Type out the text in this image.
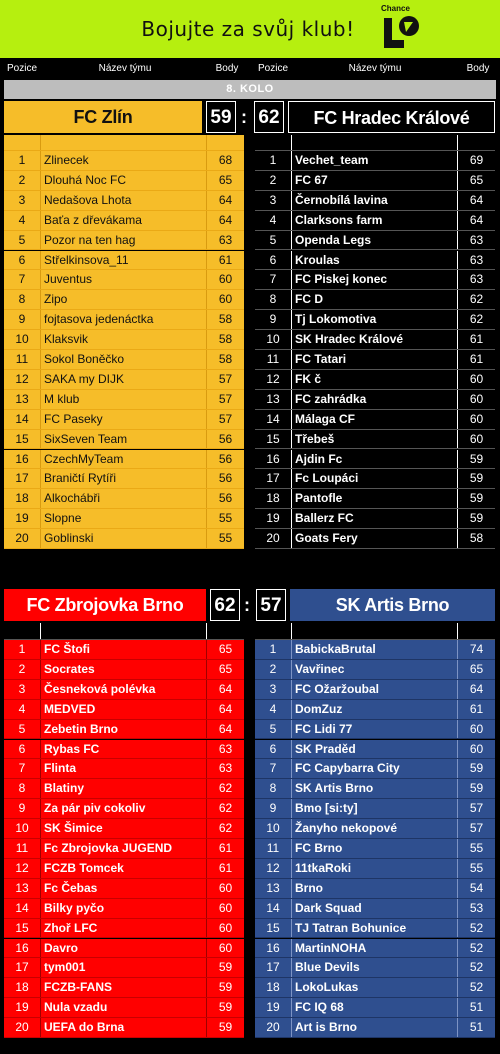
Bojujte za svůj klub!
Chance
Pozice	Název týmu	Body	Pozice	Název týmu	Body
8. KOLO
FC Zlín	59 : 62	FC Hradec Králové
1	Zlinecek	68
2	Dlouhá Noc FC	65
3	Nedašova Lhota	64
4	Baťa z dřevákama	64
5	Pozor na ten hag	63
6	Střelkinsova_11	61
7	Juventus	60
8	Zipo	60
9	fojtasova jedenáctka	58
10	Klaksvik	58
11	Sokol Boněčko	58
12	SAKA my DIJK	57
13	M klub	57
14	FC Paseky	57
15	SixSeven Team	56
16	CzechMyTeam	56
17	Braničtí Rytíři	56
18	Alkochábři	56
19	Slopne	55
20	Goblinski	55
1	Vechet_team	69
2	FC 67	65
3	Černobílá lavina	64
4	Clarksons farm	64
5	Openda Legs	63
6	Kroulas	63
7	FC Piskej konec	63
8	FC D	62
9	Tj Lokomotiva	62
10	SK Hradec Králové	61
11	FC Tatari	61
12	FK č	60
13	FC zahrádka	60
14	Málaga CF	60
15	Třebeš	60
16	Ajdin Fc	59
17	Fc Loupáci	59
18	Pantofle	59
19	Ballerz FC	59
20	Goats Fery	58
FC Zbrojovka Brno	62 : 57	SK Artis Brno
1	FC Štofi	65
2	Socrates	65
3	Česneková polévka	64
4	MEDVED	64
5	Zebetin Brno	64
6	Rybas FC	63
7	Flinta	63
8	Blatiny	62
9	Za pár piv cokoliv	62
10	SK Šimice	62
11	Fc Zbrojovka JUGEND	61
12	FCZB Tomcek	61
13	Fc Čebas	60
14	Bilky pyčo	60
15	Zhoř LFC	60
16	Davro	60
17	tym001	59
18	FCZB-FANS	59
19	Nula vzadu	59
20	UEFA do Brna	59
1	BabickaBrutal	74
2	Vavřinec	65
3	FC Ožaržoubal	64
4	DomZuz	61
5	FC Lidi 77	60
6	SK Praděd	60
7	FC Capybarra City	59
8	SK Artis Brno	59
9	Bmo [si:ty]	57
10	Žanyho nekopové	57
11	FC Brno	55
12	11tkaRoki	55
13	Brno	54
14	Dark Squad	53
15	TJ Tatran Bohunice	52
16	MartinNOHA	52
17	Blue Devils	52
18	LokoLukas	52
19	FC IQ 68	51
20	Art is Brno	51
